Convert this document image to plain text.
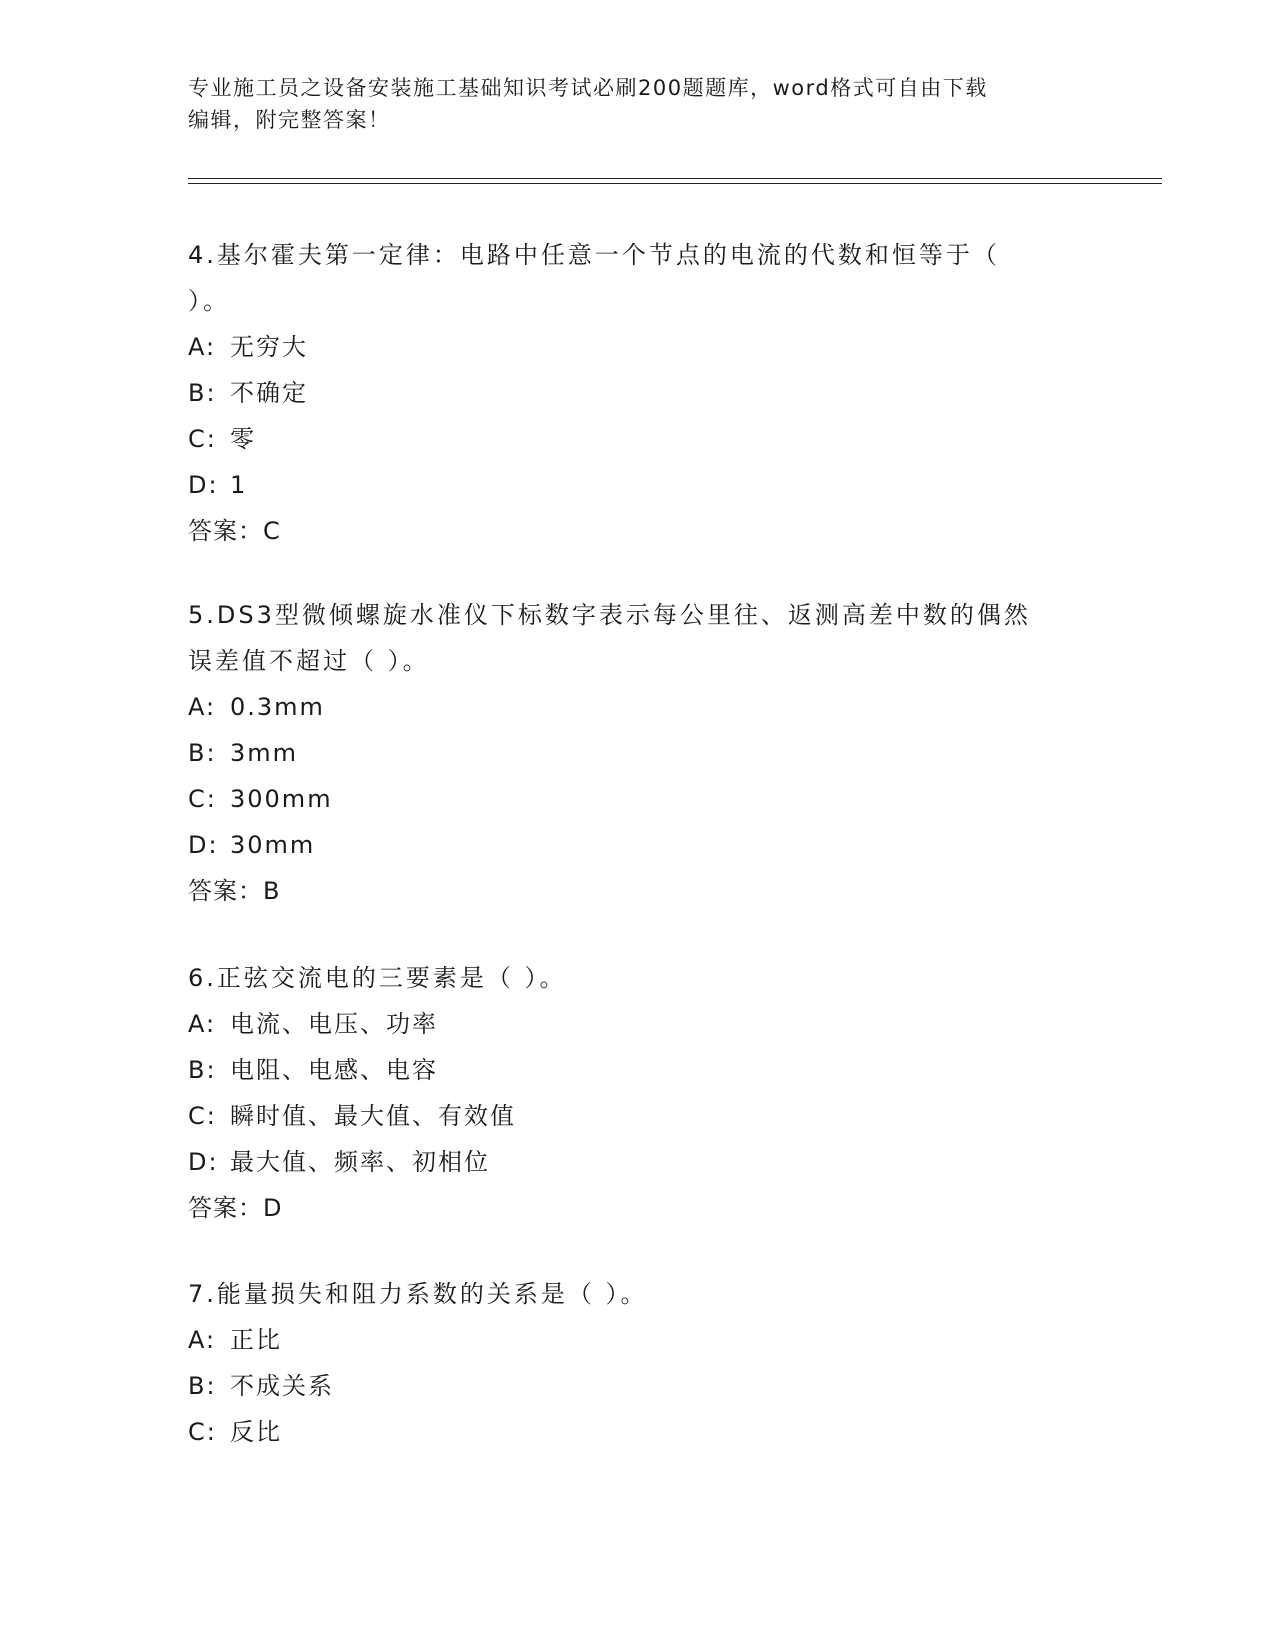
专业施工员之设备安装施工基础知识考试必刷200题题库，word格式可自由下载
编辑，附完整答案！
4.基尔霍夫第一定律：电路中任意一个节点的电流的代数和恒等于（
）。
A: 无穷大
B: 不确定
C: 零
D: 1
答案：C
5.DS3型微倾螺旋水准仪下标数字表示每公里往、返测高差中数的偶然
误差值不超过（ ）。
A: 0.3mm
B: 3mm
C: 300mm
D: 30mm
答案：B
6.正弦交流电的三要素是（ ）。
A: 电流、电压、功率
B: 电阻、电感、电容
C: 瞬时值、最大值、有效值
D: 最大值、频率、初相位
答案：D
7.能量损失和阻力系数的关系是（ ）。
A: 正比
B: 不成关系
C: 反比
